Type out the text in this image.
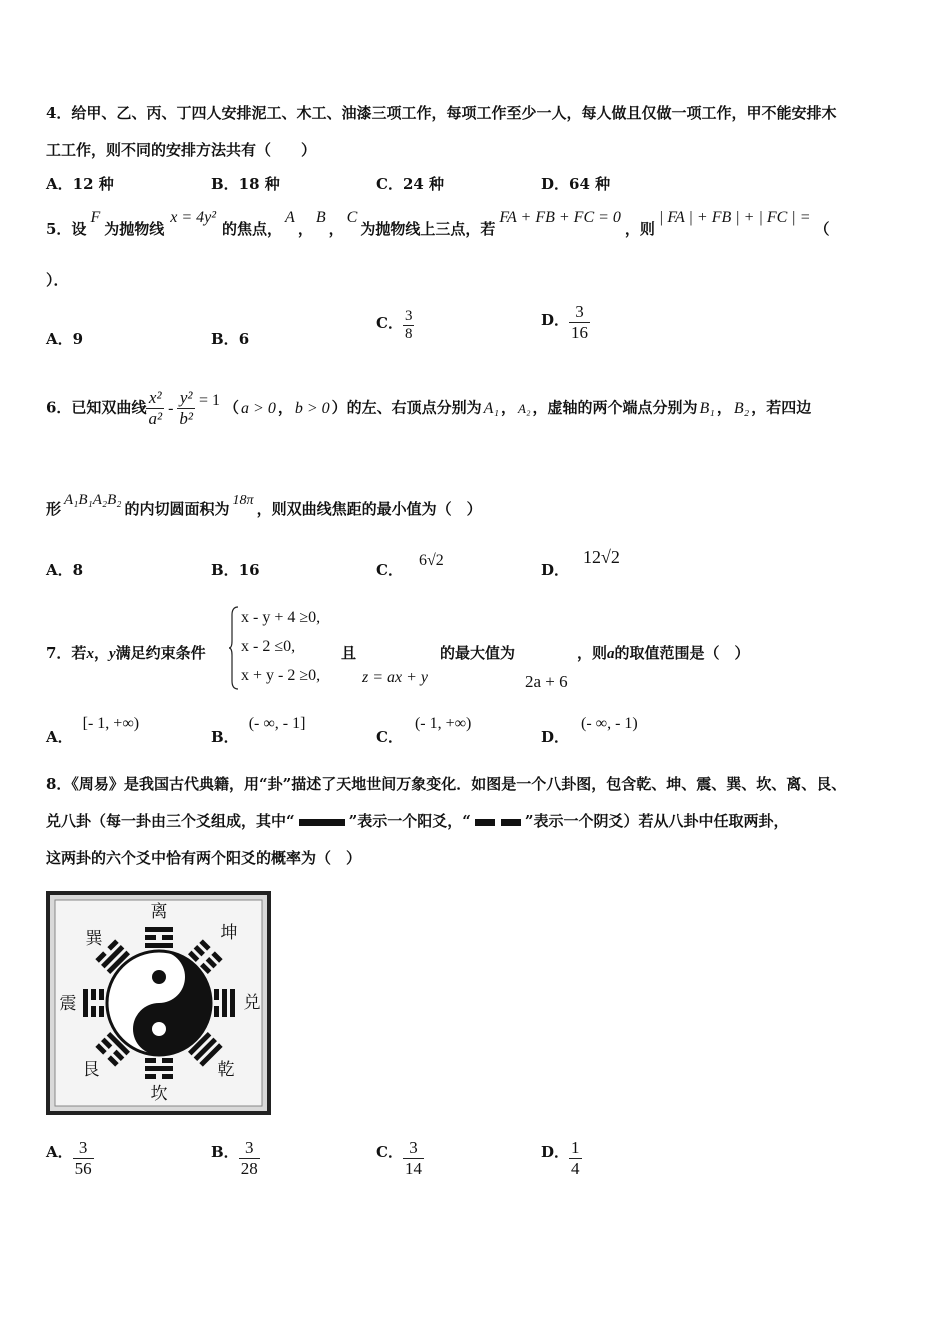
4．给甲、乙、丙、丁四人安排泥工、木工、油漆三项工作，每项工作至少一人，每人做且仅做一项工作，甲不能安排木
工工作，则不同的安排方法共有（　　）
A．12 种	B．18 种	C．24 种	D．64 种
5．设F为抛物线x = 4y²的焦点，A，B，C为抛物线上三点，若FA + FB + FC = 0，则| FA | + FB | + | FC | =（
）．
A．9	B．6
C． $\frac{3}{8}$	D． $\frac{3}{16}$
6．已知双曲线 $\frac{\text{x²}}{\text{a²}} - \frac{\text{y²}}{\text{b²}} = 1$ （ a > 0 ， b > 0 ）的左、右顶点分别为 A₁ ， A₂ ，虚轴的两个端点分别为 B₁ ， B₂ ，若四边
形 A₁B₁A₂B₂ 的内切圆面积为 18π ，则双曲线焦距的最小值为（　）
A．8	B．16	C．6√2
D．12√2
7．若x，y满足约束条件
x - y + 4 ≥0,
x - 2 ≤0,
x + y - 2 ≥0,
且
z = ax + y
的最大值为
2a + 6
，则a的取值范围是（　）
A．[- 1, +∞)
B．(- ∞, - 1]
C．(- 1, +∞)
D．(- ∞, - 1)
8．《周易》是我国古代典籍，用“卦”描述了天地世间万象变化．如图是一个八卦图，包含乾、坤、震、巽、坎、离、艮、
兑八卦（每一卦由三个爻组成，其中“	”表示一个阳爻，“	”表示一个阴爻）若从八卦中任取两卦，
这两卦的六个爻中恰有两个阳爻的概率为（　）
离
坤
兑
乾
坎
艮
震
巽
A． $\frac{3}{56}$	B． $\frac{3}{28}$	C． $\frac{3}{14}$	D． $\frac{1}{4}$
